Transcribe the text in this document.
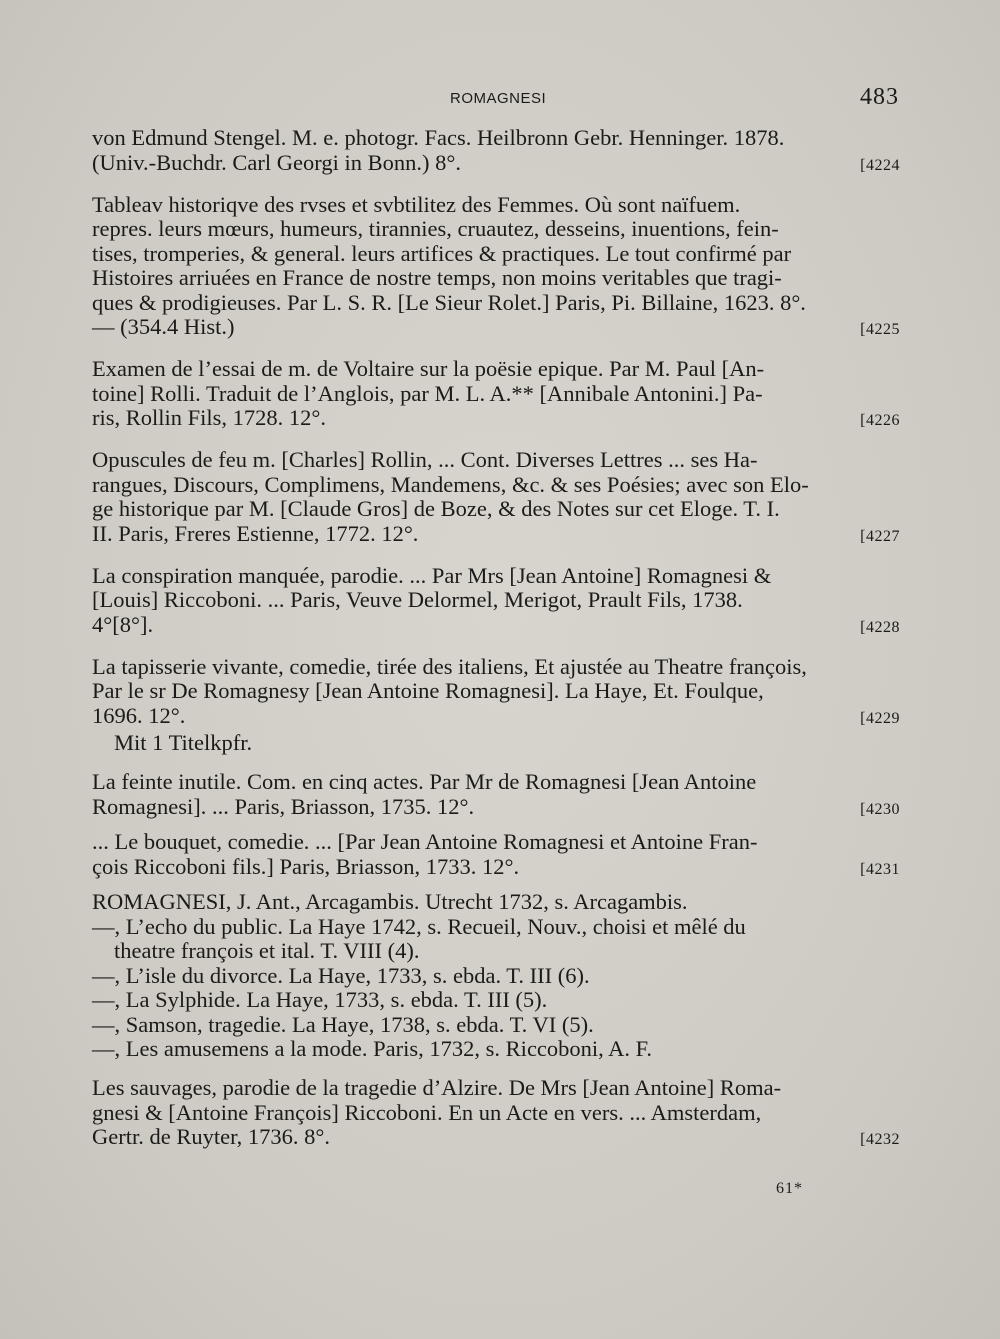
ROMAGNESI	483
von Edmund Stengel. M. e. photogr. Facs. Heilbronn Gebr. Henninger. 1878.
(Univ.-Buchdr. Carl Georgi in Bonn.) 8°.	[4224
Tableav historiqve des rvses et svbtilitez des Femmes. Où sont naïfuem.
repres. leurs mœurs, humeurs, tirannies, cruautez, desseins, inuentions, fein-
tises, tromperies, & general. leurs artifices & practiques. Le tout confirmé par
Histoires arriuées en France de nostre temps, non moins veritables que tragi-
ques & prodigieuses. Par L. S. R. [Le Sieur Rolet.] Paris, Pi. Billaine, 1623. 8°.
— (354.4 Hist.)	[4225
Examen de l’essai de m. de Voltaire sur la poësie epique. Par M. Paul [An-
toine] Rolli. Traduit de l’Anglois, par M. L. A.** [Annibale Antonini.] Pa-
ris, Rollin Fils, 1728. 12°.	[4226
Opuscules de feu m. [Charles] Rollin, ... Cont. Diverses Lettres ... ses Ha-
rangues, Discours, Complimens, Mandemens, &c. & ses Poésies; avec son Elo-
ge historique par M. [Claude Gros] de Boze, & des Notes sur cet Eloge. T. I.
II. Paris, Freres Estienne, 1772. 12°.	[4227
La conspiration manquée, parodie. ... Par Mrs [Jean Antoine] Romagnesi &
[Louis] Riccoboni. ... Paris, Veuve Delormel, Merigot, Prault Fils, 1738.
4°[8°].	[4228
La tapisserie vivante, comedie, tirée des italiens, Et ajustée au Theatre françois,
Par le sr De Romagnesy [Jean Antoine Romagnesi]. La Haye, Et. Foulque,
1696. 12°.	[4229
Mit 1 Titelkpfr.
La feinte inutile. Com. en cinq actes. Par Mr de Romagnesi [Jean Antoine
Romagnesi]. ... Paris, Briasson, 1735. 12°.	[4230
... Le bouquet, comedie. ... [Par Jean Antoine Romagnesi et Antoine Fran-
çois Riccoboni fils.] Paris, Briasson, 1733. 12°.	[4231
ROMAGNESI, J. Ant., Arcagambis. Utrecht 1732, s. Arcagambis.
—, L’echo du public. La Haye 1742, s. Recueil, Nouv., choisi et mêlé du
theatre françois et ital. T. VIII (4).
—, L’isle du divorce. La Haye, 1733, s. ebda. T. III (6).
—, La Sylphide. La Haye, 1733, s. ebda. T. III (5).
—, Samson, tragedie. La Haye, 1738, s. ebda. T. VI (5).
—, Les amusemens a la mode. Paris, 1732, s. Riccoboni, A. F.
Les sauvages, parodie de la tragedie d’Alzire. De Mrs [Jean Antoine] Roma-
gnesi & [Antoine François] Riccoboni. En un Acte en vers. ... Amsterdam,
Gertr. de Ruyter, 1736. 8°.	[4232
61*
